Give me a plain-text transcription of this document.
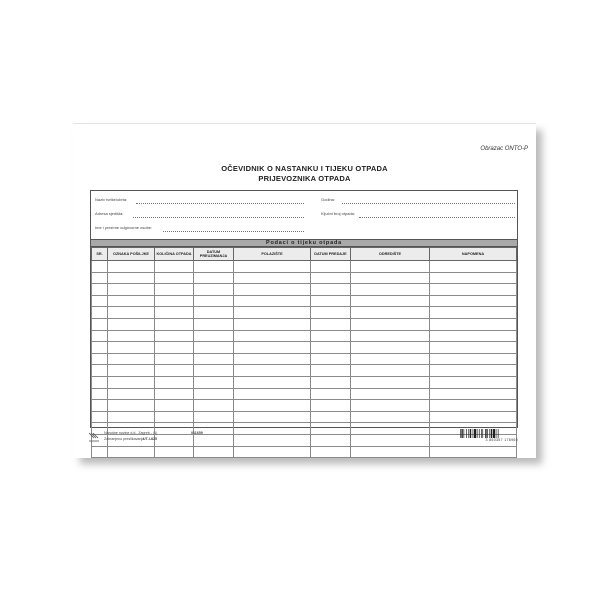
Obrazac ONTO-P
OČEVIDNIK O NASTANKU I TIJEKU OTPADA
PRIJEVOZNIKA OTPADA
Naziv tvrtke/obrta:	Godina:
Adresa sjedišta:	Ključni broj otpada:
Ime i prezime odgovorne osobe:
Podaci o tijeku otpada
SR.	OZNAKA POŠILJKE	KOLIČINA OTPADA	DATUM PREUZIMANJA	POLAZIŠTE	DATUM PREDAJE	ODREDIŠTE	NAPOMENA

Narodne novine d.d., Zagreb - (1)
Zabranjeno preslikavanje
UT-I-825
011659
3 850357 176960
